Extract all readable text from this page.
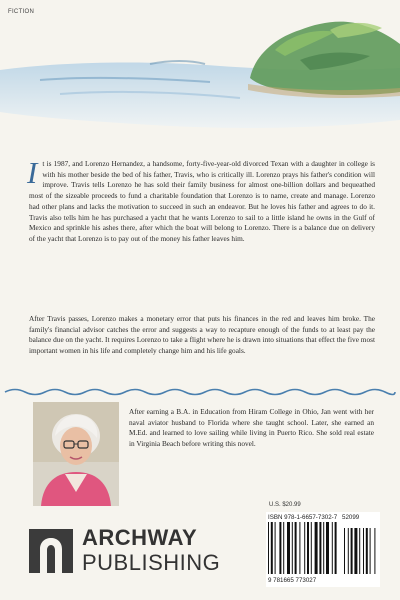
FICTION

It is 1987, and Lorenzo Hernandez, a handsome, forty-five-year-old divorced Texan with a daughter in college is with his mother beside the bed of his father, Travis, who is critically ill. Lorenzo prays his father's condition will improve. Travis tells Lorenzo he has sold their family business for almost one-billion dollars and bequeathed most of the sizeable proceeds to fund a charitable foundation that Lorenzo is to name, create and manage. Lorenzo had other plans and lacks the motivation to succeed in such an endeavor. But he loves his father and agrees to do it. Travis also tells him he has purchased a yacht that he wants Lorenzo to sail to a little island he owns in the Gulf of Mexico and sprinkle his ashes there, after which the boat will belong to Lorenzo. There is a balance due on delivery of the yacht that Lorenzo is to pay out of the money his father leaves him.

After Travis passes, Lorenzo makes a monetary error that puts his finances in the red and leaves him broke. The family's financial advisor catches the error and suggests a way to recapture enough of the funds to at least pay the balance due on the yacht. It requires Lorenzo to take a flight where he is drawn into situations that effect the five most important women in his life and completely change him and his life goals.

After earning a B.A. in Education from Hiram College in Ohio, Jan went with her naval aviator husband to Florida where she taught school. Later, she earned an M.Ed. and learned to love sailing while living in Puerto Rico. She sold real estate in Virginia Beach before writing this novel.

ARCHWAY
PUBLISHING
U.S. $20.99
ISBN 978-1-6657-7302-7 52099
9 781665 773027
